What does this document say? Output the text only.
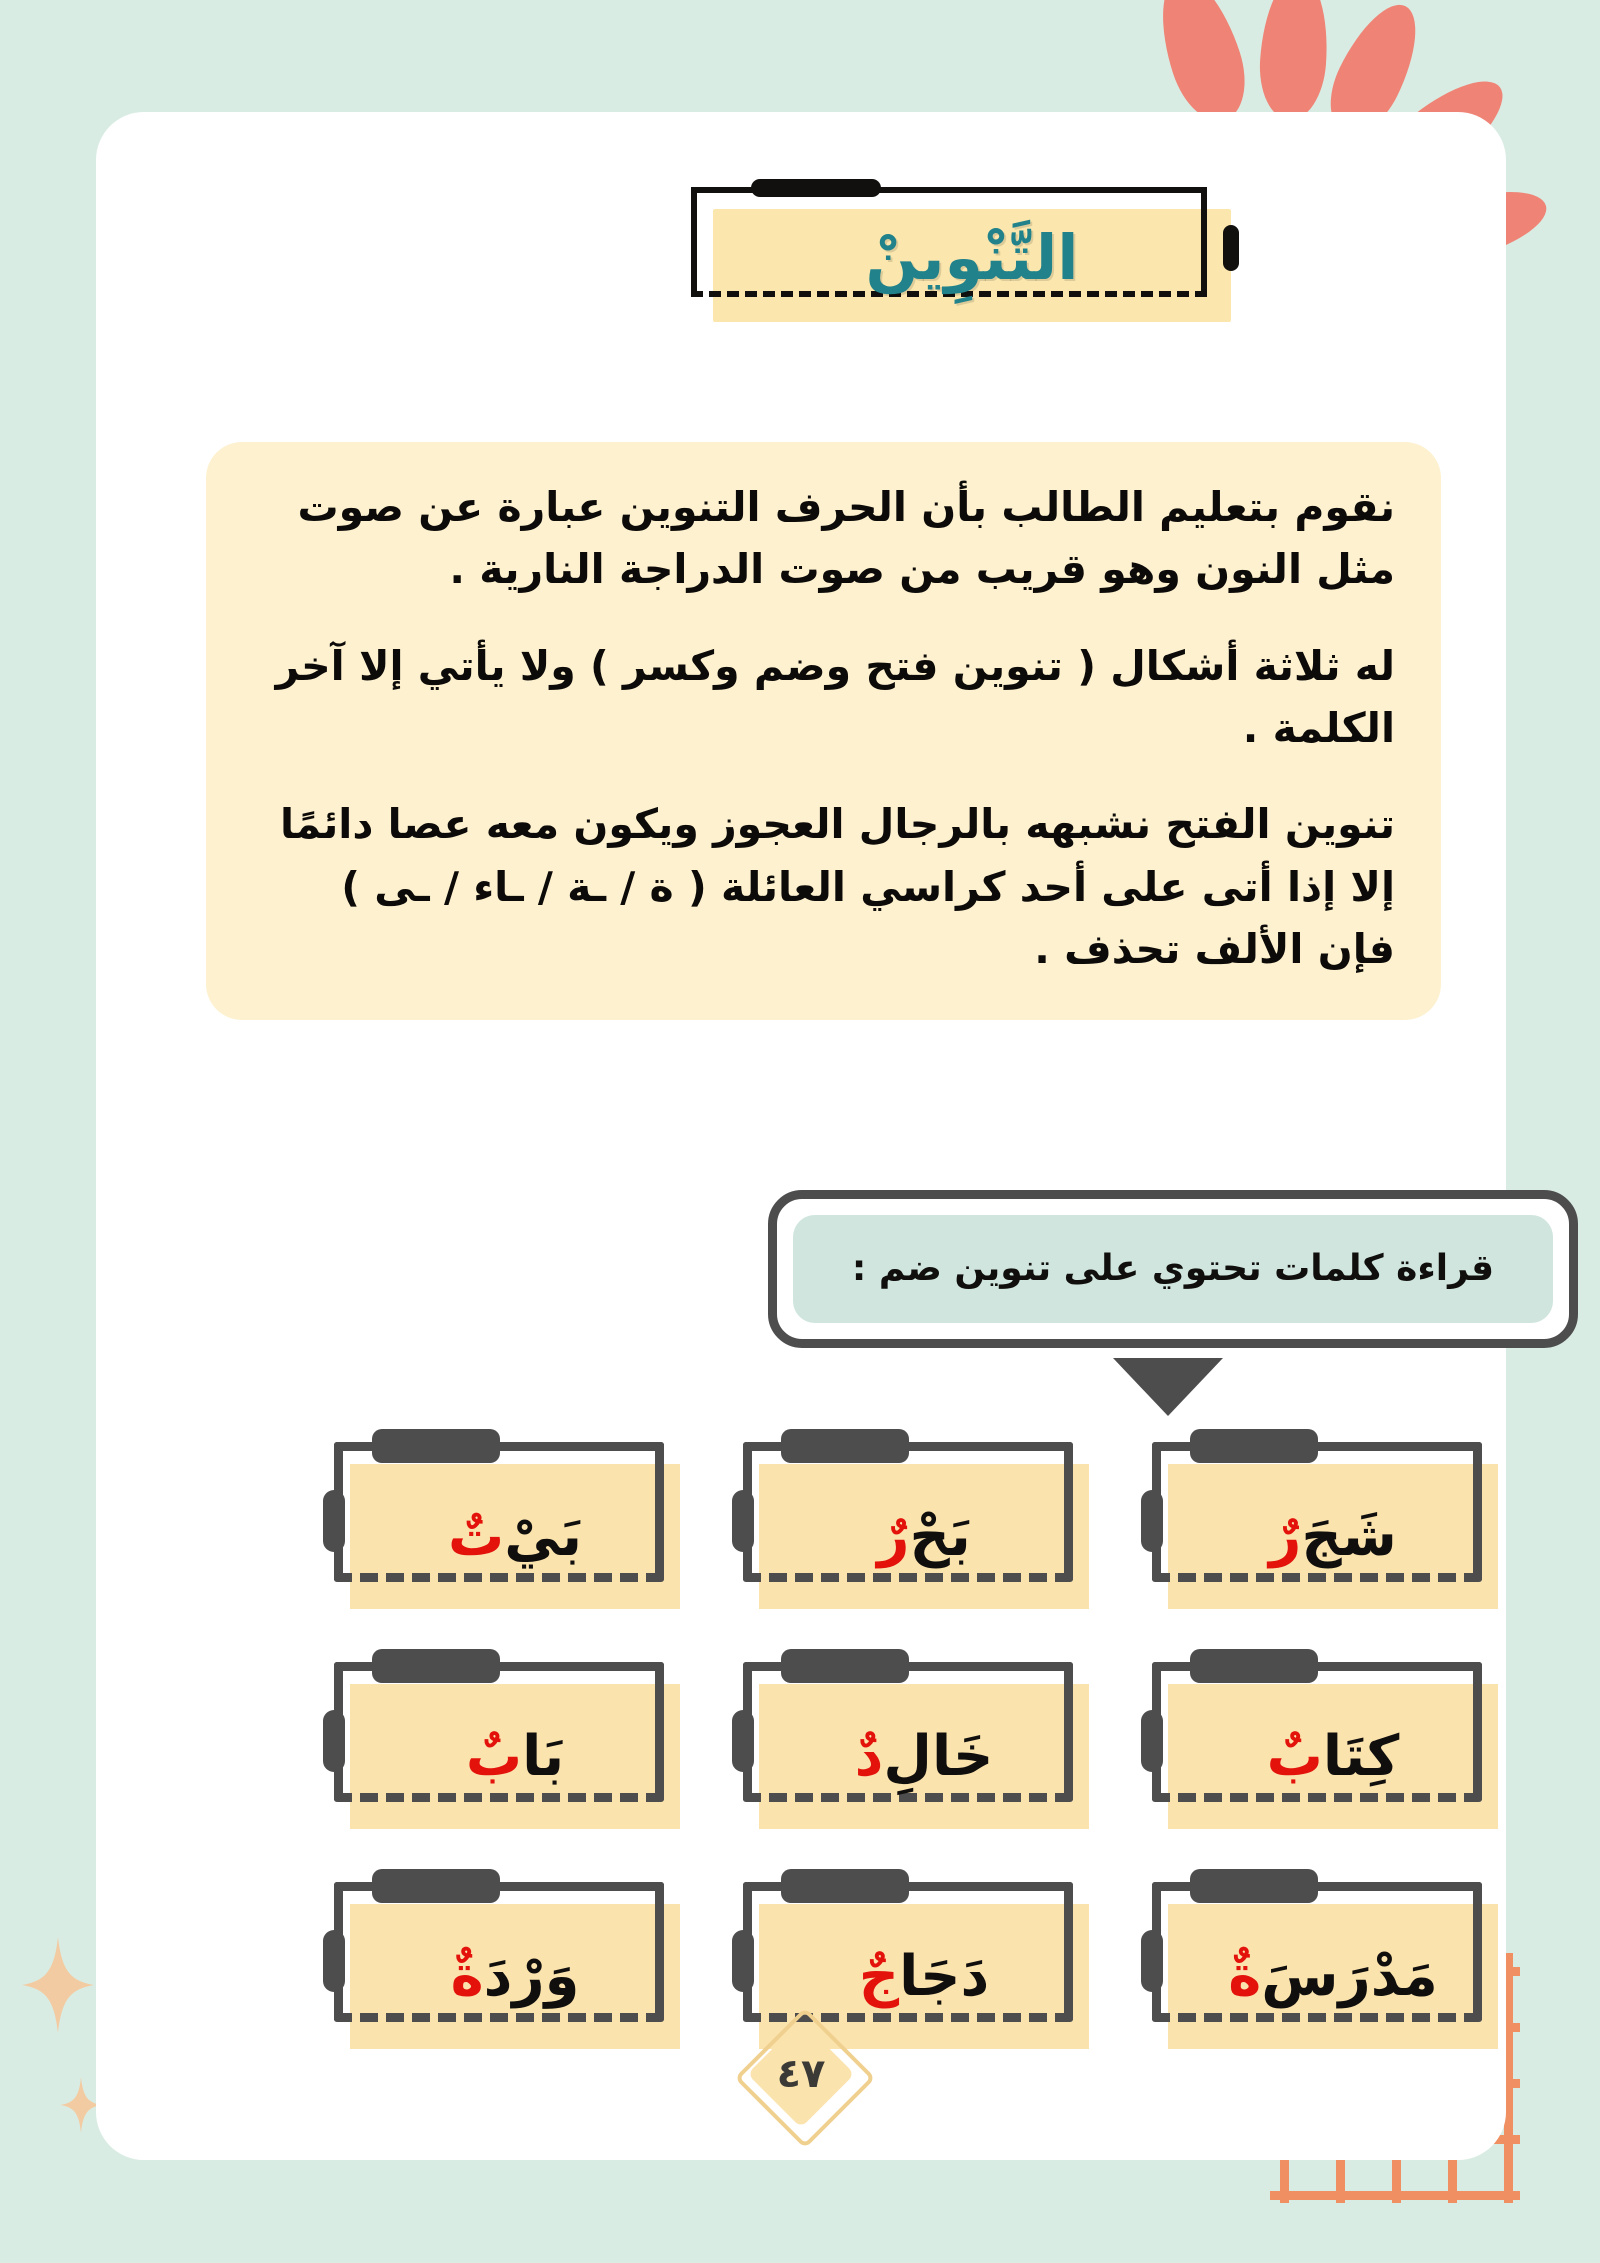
التَّنْوِينْ

نقوم بتعليم الطالب بأن الحرف التنوين عبارة عن صوت مثل النون وهو قريب من صوت الدراجة النارية .

له ثلاثة أشكال ( تنوين فتح وضم وكسر ) ولا يأتي إلا آخر الكلمة .

تنوين الفتح نشبهه بالرجال العجوز ويكون معه عصا دائمًا إلا إذا أتى على أحد كراسي العائلة ( ة / ـة / ـاء / ـى ) فإن الألف تحذف .

قراءة كلمات تحتوي على تنوين ضم :
شَجَ
رٌ
بَحْ
رٌ
بَيْ
تٌ
كِتَا
بٌ
خَالِ
دٌ
بَا
بٌ
مَدْرَسَ
ةٌ
دَجَا
جٌ
وَرْدَ
ةٌ
٤٧
